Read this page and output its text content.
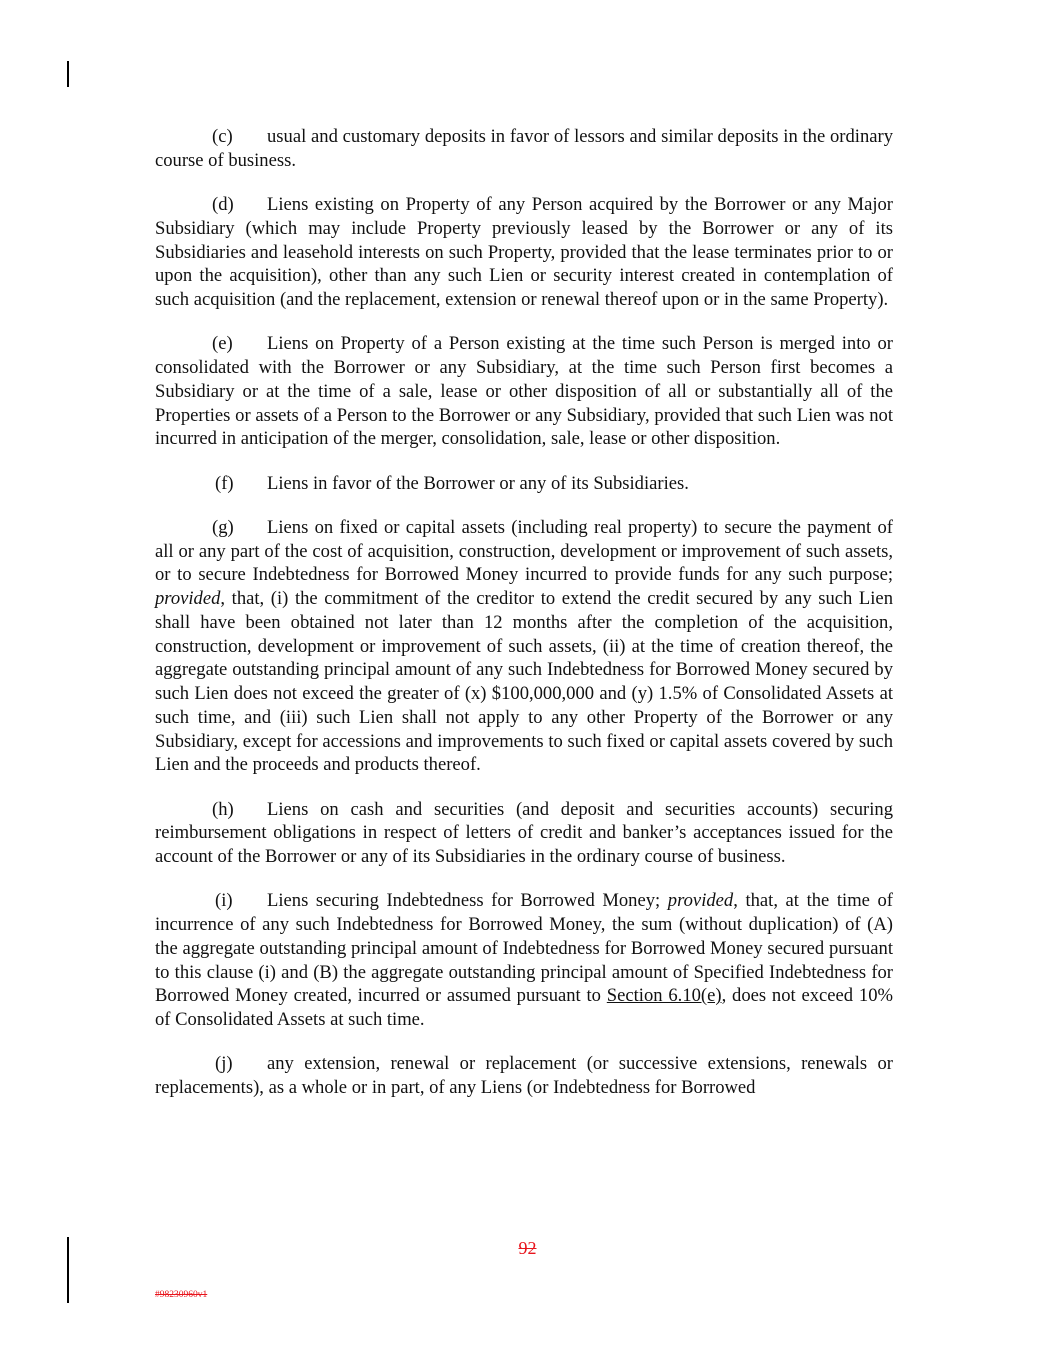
(c) usual and customary deposits in favor of lessors and similar deposits in the ordinary course of business.

(d) Liens existing on Property of any Person acquired by the Borrower or any Major Subsidiary (which may include Property previously leased by the Borrower or any of its Subsidiaries and leasehold interests on such Property, provided that the lease terminates prior to or upon the acquisition), other than any such Lien or security interest created in contemplation of such acquisition (and the replacement, extension or renewal thereof upon or in the same Property).

(e) Liens on Property of a Person existing at the time such Person is merged into or consolidated with the Borrower or any Subsidiary, at the time such Person first becomes a Subsidiary or at the time of a sale, lease or other disposition of all or substantially all of the Properties or assets of a Person to the Borrower or any Subsidiary, provided that such Lien was not incurred in anticipation of the merger, consolidation, sale, lease or other disposition.

(f) Liens in favor of the Borrower or any of its Subsidiaries.

(g) Liens on fixed or capital assets (including real property) to secure the payment of all or any part of the cost of acquisition, construction, development or improvement of such assets, or to secure Indebtedness for Borrowed Money incurred to provide funds for any such purpose; provided, that, (i) the commitment of the creditor to extend the credit secured by any such Lien shall have been obtained not later than 12 months after the completion of the acquisition, construction, development or improvement of such assets, (ii) at the time of creation thereof, the aggregate outstanding principal amount of any such Indebtedness for Borrowed Money secured by such Lien does not exceed the greater of (x) $100,000,000 and (y) 1.5% of Consolidated Assets at such time, and (iii) such Lien shall not apply to any other Property of the Borrower or any Subsidiary, except for accessions and improvements to such fixed or capital assets covered by such Lien and the proceeds and products thereof.

(h) Liens on cash and securities (and deposit and securities accounts) securing reimbursement obligations in respect of letters of credit and banker’s acceptances issued for the account of the Borrower or any of its Subsidiaries in the ordinary course of business.

(i) Liens securing Indebtedness for Borrowed Money; provided, that, at the time of incurrence of any such Indebtedness for Borrowed Money, the sum (without duplication) of (A) the aggregate outstanding principal amount of Indebtedness for Borrowed Money secured pursuant to this clause (i) and (B) the aggregate outstanding principal amount of Specified Indebtedness for Borrowed Money created, incurred or assumed pursuant to Section 6.10(e), does not exceed 10% of Consolidated Assets at such time.

(j) any extension, renewal or replacement (or successive extensions, renewals or replacements), as a whole or in part, of any Liens (or Indebtedness for Borrowed

92
#98230960v1
